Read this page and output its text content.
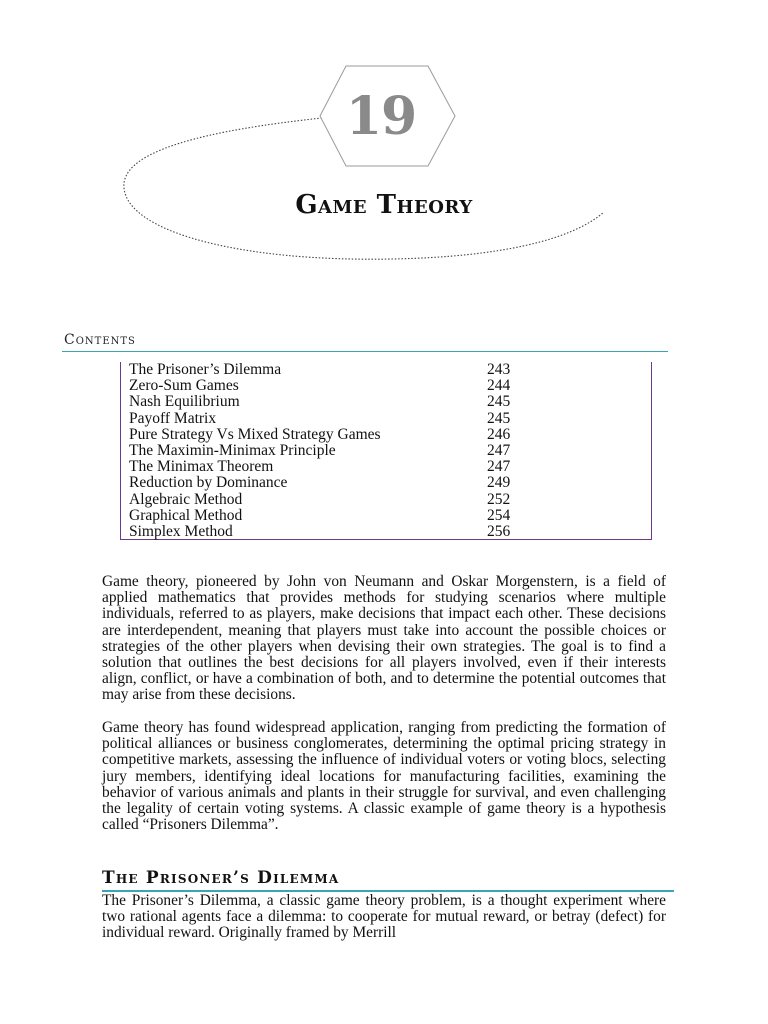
19
Game Theory
Contents
The Prisoner’s Dilemma	243
Zero-Sum Games	244
Nash Equilibrium	245
Payoff Matrix	245
Pure Strategy Vs Mixed Strategy Games	246
The Maximin-Minimax Principle	247
The Minimax Theorem	247
Reduction by Dominance	249
Algebraic Method	252
Graphical Method	254
Simplex Method	256

Game theory, pioneered by John von Neumann and Oskar Morgenstern, is a field of applied mathematics that provides methods for studying scenarios where multiple individuals, referred to as players, make decisions that impact each other. These decisions are interdependent, meaning that players must take into account the possible choices or strategies of the other players when devising their own strategies. The goal is to find a solution that outlines the best decisions for all players involved, even if their interests align, conflict, or have a combination of both, and to determine the potential outcomes that may arise from these decisions.

Game theory has found widespread application, ranging from predicting the formation of political alliances or business conglomerates, determining the optimal pricing strategy in competitive markets, assessing the influence of individual voters or voting blocs, selecting jury members, identifying ideal locations for manufacturing facilities, examining the behavior of various animals and plants in their struggle for survival, and even challenging the legality of certain voting systems. A classic example of game theory is a hypothesis called “Prisoners Dilemma”.

The Prisoner’s Dilemma

The Prisoner’s Dilemma, a classic game theory problem, is a thought experiment where two rational agents face a dilemma: to cooperate for mutual reward, or betray (defect) for individual reward. Originally framed by Merrill
